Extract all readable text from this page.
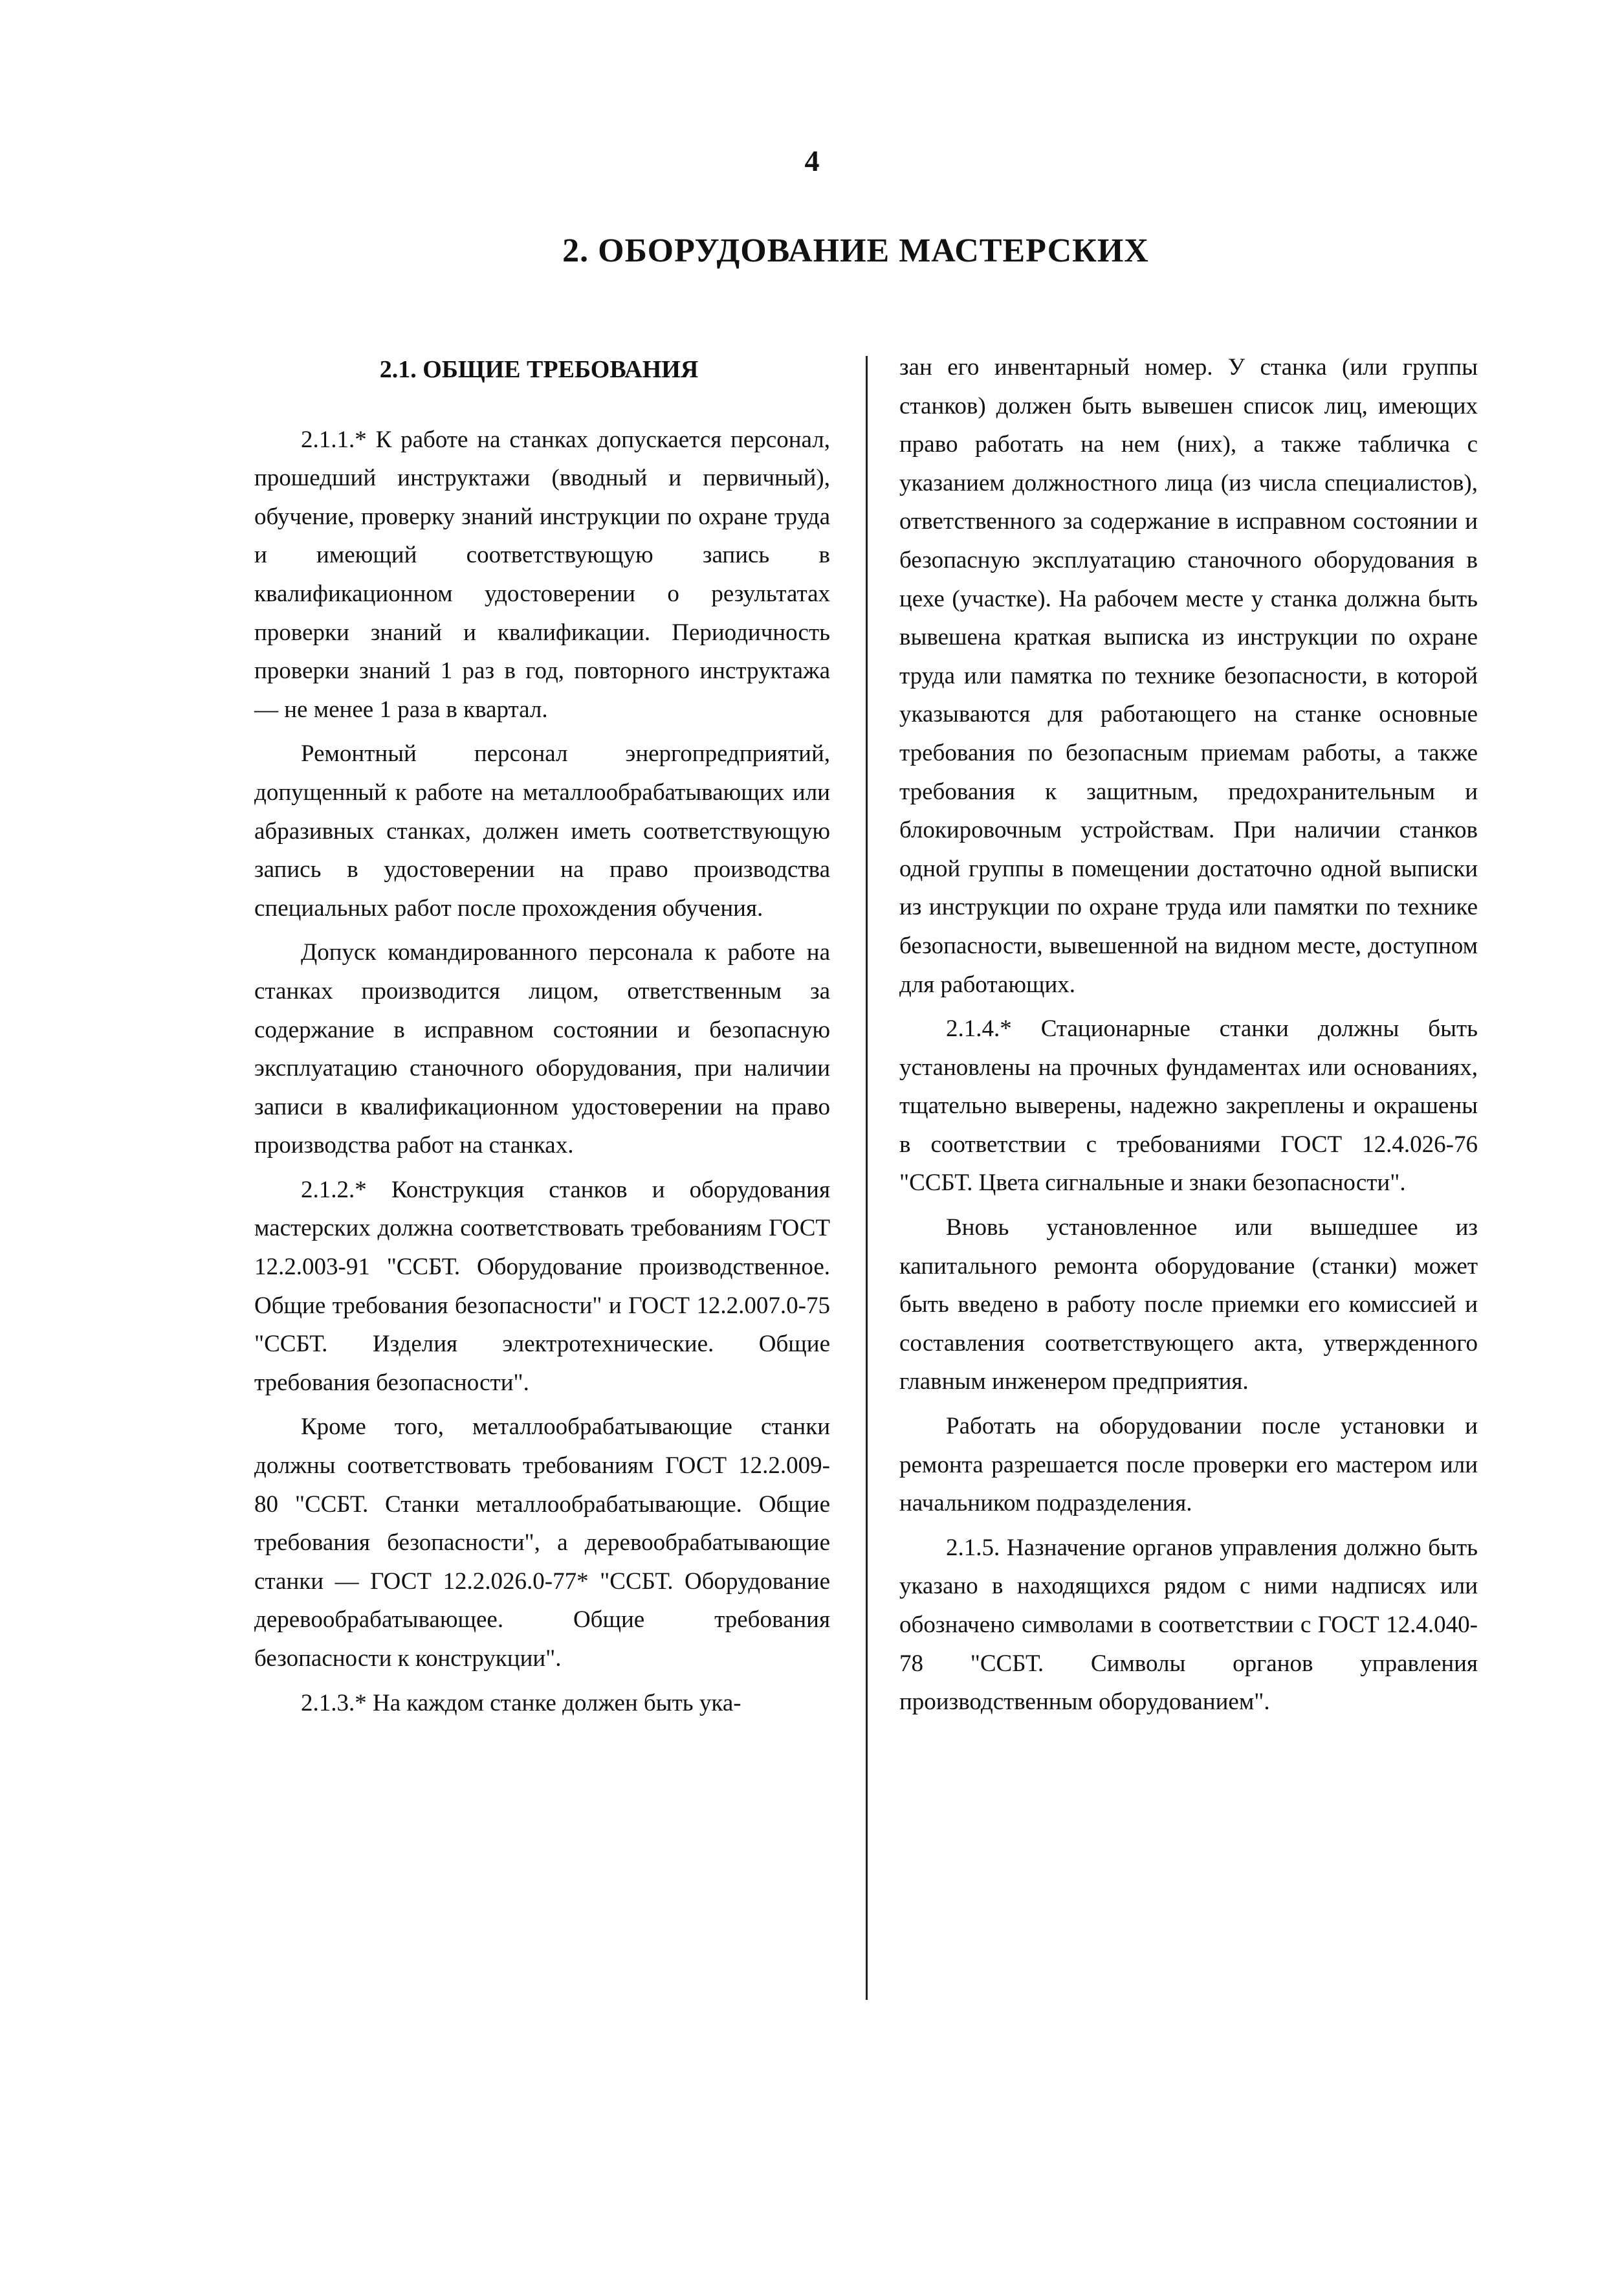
4
2. ОБОРУДОВАНИЕ МАСТЕРСКИХ
2.1. ОБЩИЕ ТРЕБОВАНИЯ

2.1.1.* К работе на станках допускается персонал, прошедший инструктажи (вводный и первичный), обучение, проверку знаний инструкции по охране труда и имеющий соответствующую запись в квалификационном удостоверении о результатах проверки знаний и квалификации. Периодичность проверки знаний 1 раз в год, повторного инструктажа — не менее 1 раза в квартал.

Ремонтный персонал энергопредприятий, допущенный к работе на металлообрабатывающих или абразивных станках, должен иметь соответствующую запись в удостоверении на право производства специальных работ после прохождения обучения.

Допуск командированного персонала к работе на станках производится лицом, ответственным за содержание в исправном состоянии и безопасную эксплуатацию станочного оборудования, при наличии записи в квалификационном удостоверении на право производства работ на станках.

2.1.2.* Конструкция станков и оборудования мастерских должна соответствовать требованиям ГОСТ 12.2.003-91 "ССБТ. Оборудование производственное. Общие требования безопасности" и ГОСТ 12.2.007.0-75 "ССБТ. Изделия электротехнические. Общие требования безопасности".

Кроме того, металлообрабатывающие станки должны соответствовать требованиям ГОСТ 12.2.009-80 "ССБТ. Станки металлообрабатывающие. Общие требования безопасности", а деревообрабатывающие станки — ГОСТ 12.2.026.0-77* "ССБТ. Оборудование деревообрабатывающее. Общие требования безопасности к конструкции".

2.1.3.* На каждом станке должен быть ука-

зан его инвентарный номер. У станка (или группы станков) должен быть вывешен список лиц, имеющих право работать на нем (них), а также табличка с указанием должностного лица (из числа специалистов), ответственного за содержание в исправном состоянии и безопасную эксплуатацию станочного оборудования в цехе (участке). На рабочем месте у станка должна быть вывешена краткая выписка из инструкции по охране труда или памятка по технике безопасности, в которой указываются для работающего на станке основные требования по безопасным приемам работы, а также требования к защитным, предохранительным и блокировочным устройствам. При наличии станков одной группы в помещении достаточно одной выписки из инструкции по охране труда или памятки по технике безопасности, вывешенной на видном месте, доступном для работающих.

2.1.4.* Стационарные станки должны быть установлены на прочных фундаментах или основаниях, тщательно выверены, надежно закреплены и окрашены в соответствии с требованиями ГОСТ 12.4.026-76 "ССБТ. Цвета сигнальные и знаки безопасности".

Вновь установленное или вышедшее из капитального ремонта оборудование (станки) может быть введено в работу после приемки его комиссией и составления соответствующего акта, утвержденного главным инженером предприятия.

Работать на оборудовании после установки и ремонта разрешается после проверки его мастером или начальником подразделения.

2.1.5. Назначение органов управления должно быть указано в находящихся рядом с ними надписях или обозначено символами в соответствии с ГОСТ 12.4.040-78 "ССБТ. Символы органов управления производственным оборудованием".
